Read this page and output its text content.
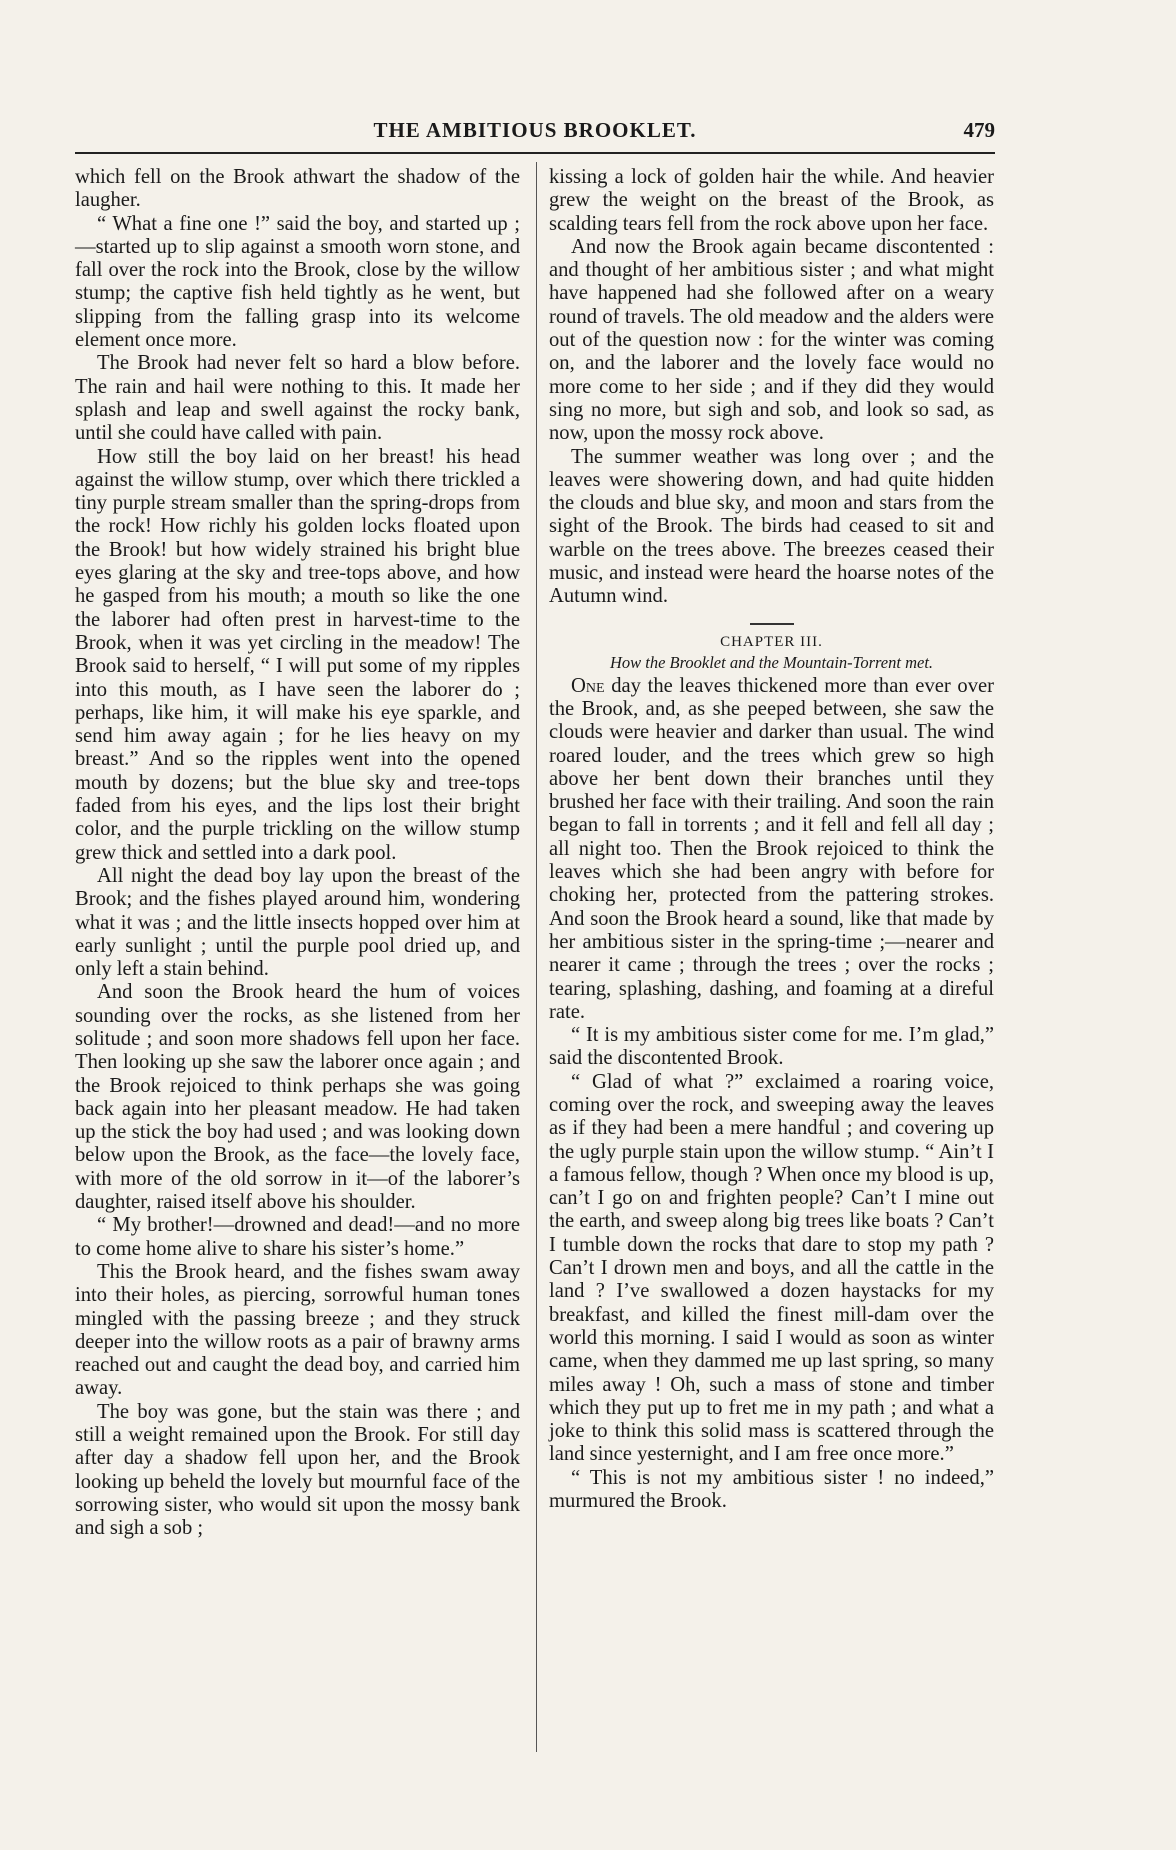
THE AMBITIOUS BROOKLET.	479

which fell on the Brook athwart the shadow of the laugher.

“ What a fine one !” said the boy, and started up ;—started up to slip against a smooth worn stone, and fall over the rock into the Brook, close by the willow stump; the captive fish held tightly as he went, but slipping from the falling grasp into its welcome element once more.

The Brook had never felt so hard a blow before. The rain and hail were nothing to this. It made her splash and leap and swell against the rocky bank, until she could have called with pain.

How still the boy laid on her breast! his head against the willow stump, over which there trickled a tiny purple stream smaller than the spring-drops from the rock! How richly his golden locks floated upon the Brook! but how widely strained his bright blue eyes glaring at the sky and tree-tops above, and how he gasped from his mouth; a mouth so like the one the laborer had often prest in harvest-time to the Brook, when it was yet circling in the meadow! The Brook said to herself, “ I will put some of my ripples into this mouth, as I have seen the laborer do ; perhaps, like him, it will make his eye sparkle, and send him away again ; for he lies heavy on my breast.” And so the ripples went into the opened mouth by dozens; but the blue sky and tree-tops faded from his eyes, and the lips lost their bright color, and the purple trickling on the willow stump grew thick and settled into a dark pool.

All night the dead boy lay upon the breast of the Brook; and the fishes played around him, wondering what it was ; and the little insects hopped over him at early sunlight ; until the purple pool dried up, and only left a stain behind.

And soon the Brook heard the hum of voices sounding over the rocks, as she listened from her solitude ; and soon more shadows fell upon her face. Then looking up she saw the laborer once again ; and the Brook rejoiced to think perhaps she was going back again into her pleasant meadow. He had taken up the stick the boy had used ; and was looking down below upon the Brook, as the face—the lovely face, with more of the old sorrow in it—of the laborer’s daughter, raised itself above his shoulder.

“ My brother!—drowned and dead!—and no more to come home alive to share his sister’s home.”

This the Brook heard, and the fishes swam away into their holes, as piercing, sorrowful human tones mingled with the passing breeze ; and they struck deeper into the willow roots as a pair of brawny arms reached out and caught the dead boy, and carried him away.

The boy was gone, but the stain was there ; and still a weight remained upon the Brook. For still day after day a shadow fell upon her, and the Brook looking up beheld the lovely but mournful face of the sorrowing sister, who would sit upon the mossy bank and sigh a sob ;

kissing a lock of golden hair the while. And heavier grew the weight on the breast of the Brook, as scalding tears fell from the rock above upon her face.

And now the Brook again became discontented : and thought of her ambitious sister ; and what might have happened had she followed after on a weary round of travels. The old meadow and the alders were out of the question now : for the winter was coming on, and the laborer and the lovely face would no more come to her side ; and if they did they would sing no more, but sigh and sob, and look so sad, as now, upon the mossy rock above.

The summer weather was long over ; and the leaves were showering down, and had quite hidden the clouds and blue sky, and moon and stars from the sight of the Brook. The birds had ceased to sit and warble on the trees above. The breezes ceased their music, and instead were heard the hoarse notes of the Autumn wind.

CHAPTER III.
How the Brooklet and the Mountain-Torrent met.

One day the leaves thickened more than ever over the Brook, and, as she peeped between, she saw the clouds were heavier and darker than usual. The wind roared louder, and the trees which grew so high above her bent down their branches until they brushed her face with their trailing. And soon the rain began to fall in torrents ; and it fell and fell all day ; all night too. Then the Brook rejoiced to think the leaves which she had been angry with before for choking her, protected from the pattering strokes. And soon the Brook heard a sound, like that made by her ambitious sister in the spring-time ;—nearer and nearer it came ; through the trees ; over the rocks ; tearing, splashing, dashing, and foaming at a direful rate.

“ It is my ambitious sister come for me. I’m glad,” said the discontented Brook.

“ Glad of what ?” exclaimed a roaring voice, coming over the rock, and sweeping away the leaves as if they had been a mere handful ; and covering up the ugly purple stain upon the willow stump. “ Ain’t I a famous fellow, though ? When once my blood is up, can’t I go on and frighten people? Can’t I mine out the earth, and sweep along big trees like boats ? Can’t I tumble down the rocks that dare to stop my path ? Can’t I drown men and boys, and all the cattle in the land ? I’ve swallowed a dozen haystacks for my breakfast, and killed the finest mill-dam over the world this morning. I said I would as soon as winter came, when they dammed me up last spring, so many miles away ! Oh, such a mass of stone and timber which they put up to fret me in my path ; and what a joke to think this solid mass is scattered through the land since yesternight, and I am free once more.”

“ This is not my ambitious sister ! no indeed,” murmured the Brook.
